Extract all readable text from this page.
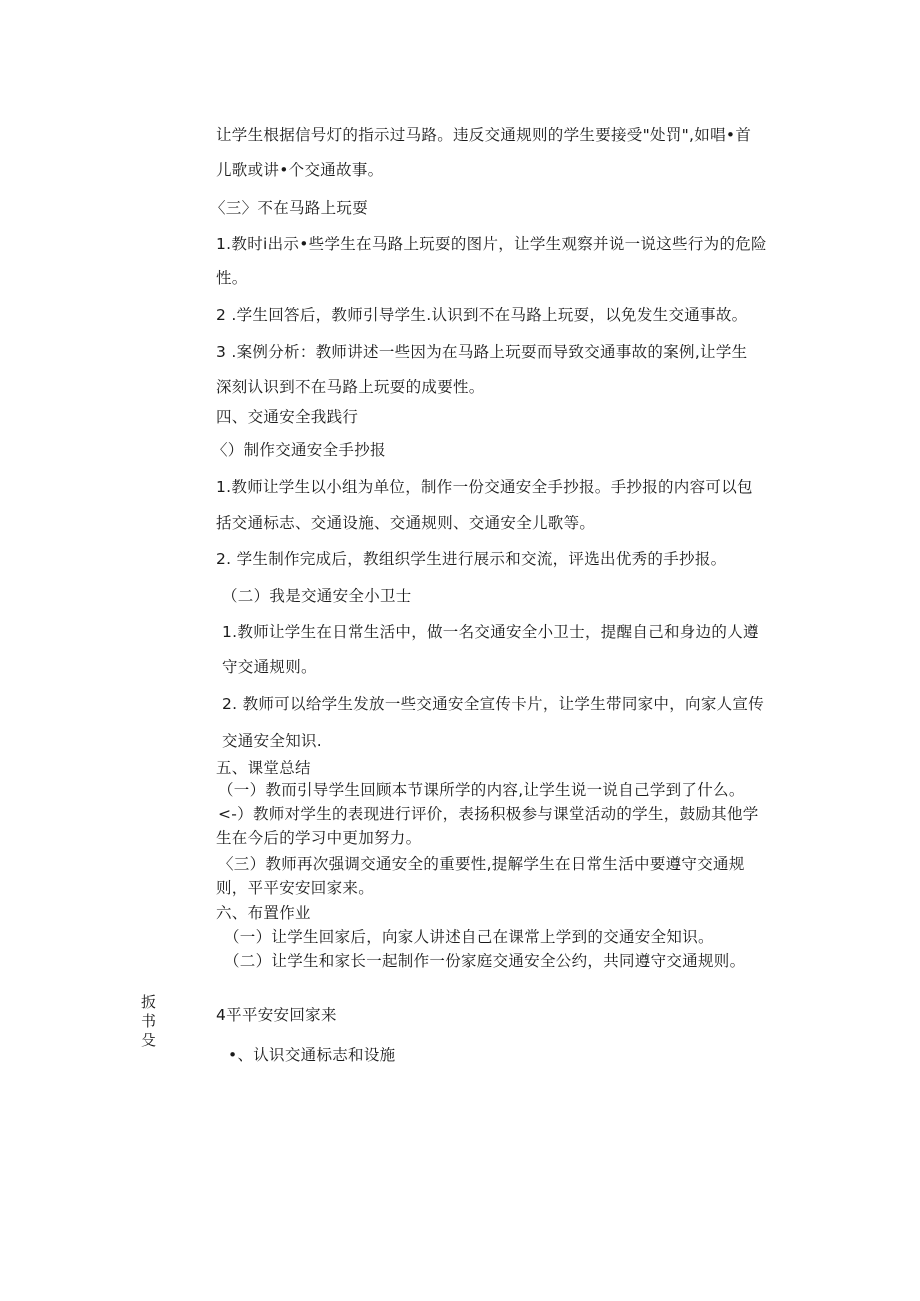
让学生根据信号灯的指示过马路。违反交通规则的学生要接受"处罚",如唱•首
儿歌或讲•个交通故事。
〈三〉不在马路上玩耍
1.教时i出示•些学生在马路上玩耍的图片，让学生观察并说一说这些行为的危险
性。
2 .学生回答后，教师引导学生.认识到不在马路上玩耍，以免发生交通事故。
3 .案例分析：教师讲述一些因为在马路上玩耍而导致交通事故的案例,让学生
深刻认识到不在马路上玩耍的成要性。
四、交通安全我践行
〈）制作交通安全手抄报
1.教师让学生以小组为单位，制作一份交通安全手抄报。手抄报的内容可以包
括交通标志、交通设施、交通规则、交通安全儿歌等。
2. 学生制作完成后，教组织学生进行展示和交流，评选出优秀的手抄报。
（二）我是交通安全小卫士
1.教师让学生在日常生活中，做一名交通安全小卫士，提醒自己和身边的人遵
守交通规则。
2. 教师可以给学生发放一些交通安全宣传卡片，让学生带同家中，向家人宣传
交通安全知识.
五、课堂总结
（一）教而引导学生回顾本节课所学的内容,让学生说一说自己学到了什么。
<-）教师对学生的表现进行评价，表扬积极参与课堂活动的学生，鼓励其他学
生在今后的学习中更加努力。
〈三）教师再次强调交通安全的重要性,提解学生在日常生活中要遵守交通规
则，平平安安回家来。
六、布置作业
（一）让学生回家后，向家人讲述自己在课常上学到的交通安全知识。
（二）让学生和家长一起制作一份家庭交通安全公约，共同遵守交通规则。
扳
书
殳
4平平安安回家来
•、认识交通标志和设施
